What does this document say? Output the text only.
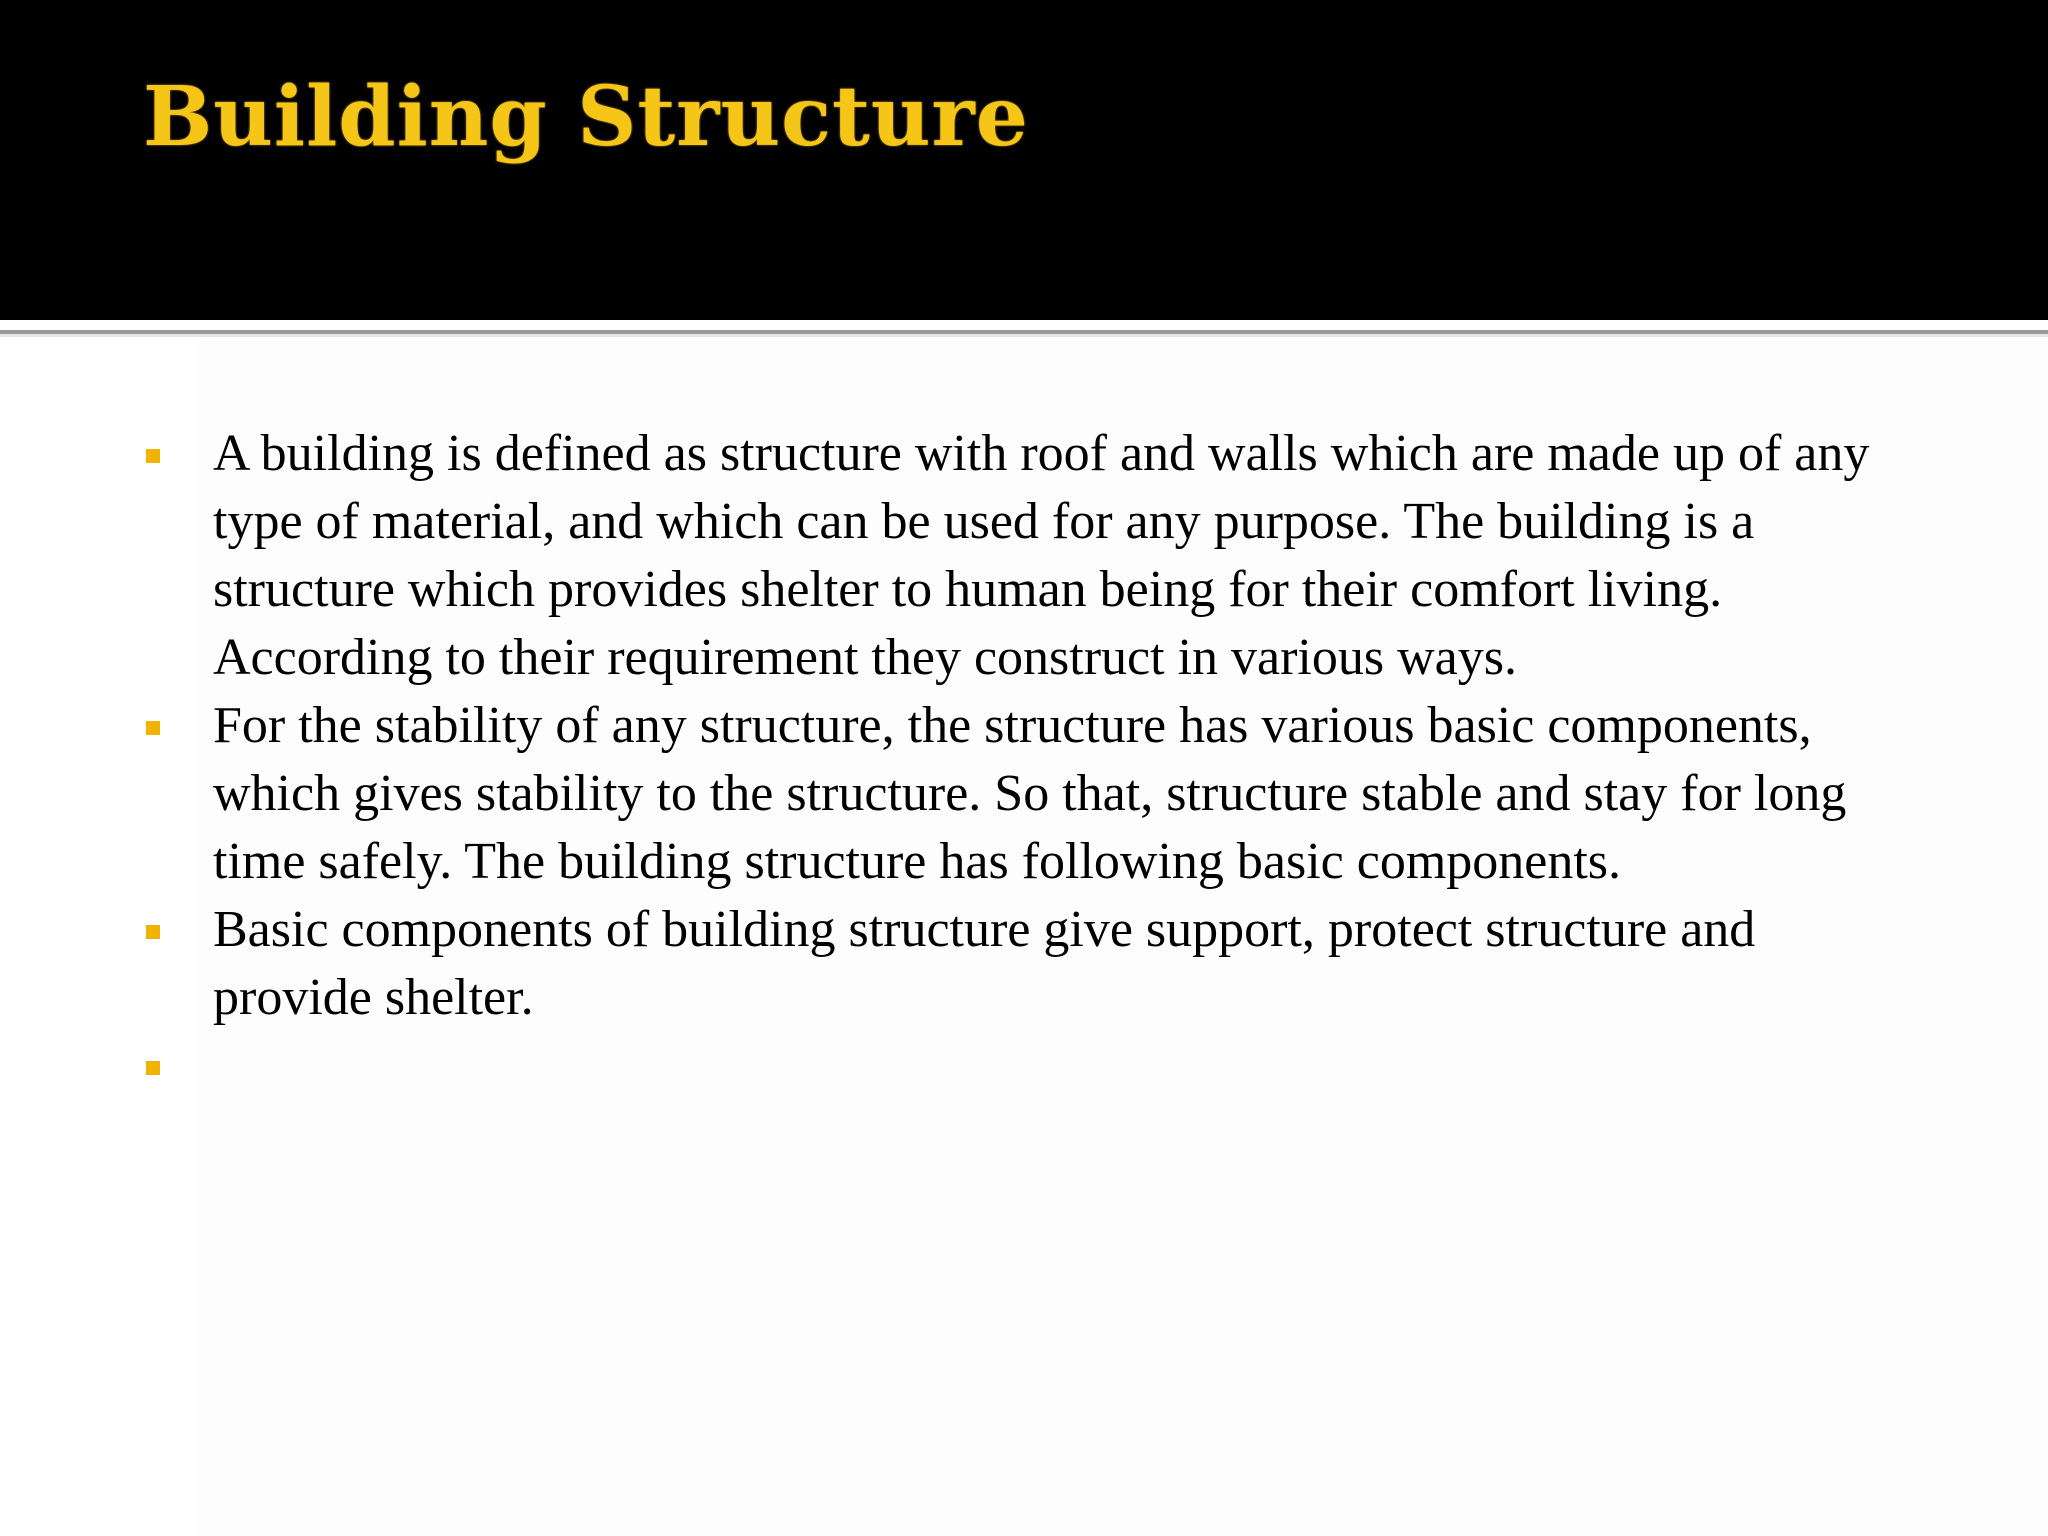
Building Structure
A building is defined as structure with roof and walls which are made up of any type of material, and which can be used for any purpose. The building is a structure which provides shelter to human being for their comfort living. According to their requirement they construct in various ways.
For the stability of any structure, the structure has various basic components, which gives stability to the structure. So that, structure stable and stay for long time safely. The building structure has following basic components.
Basic components of building structure give support, protect structure and provide shelter.
